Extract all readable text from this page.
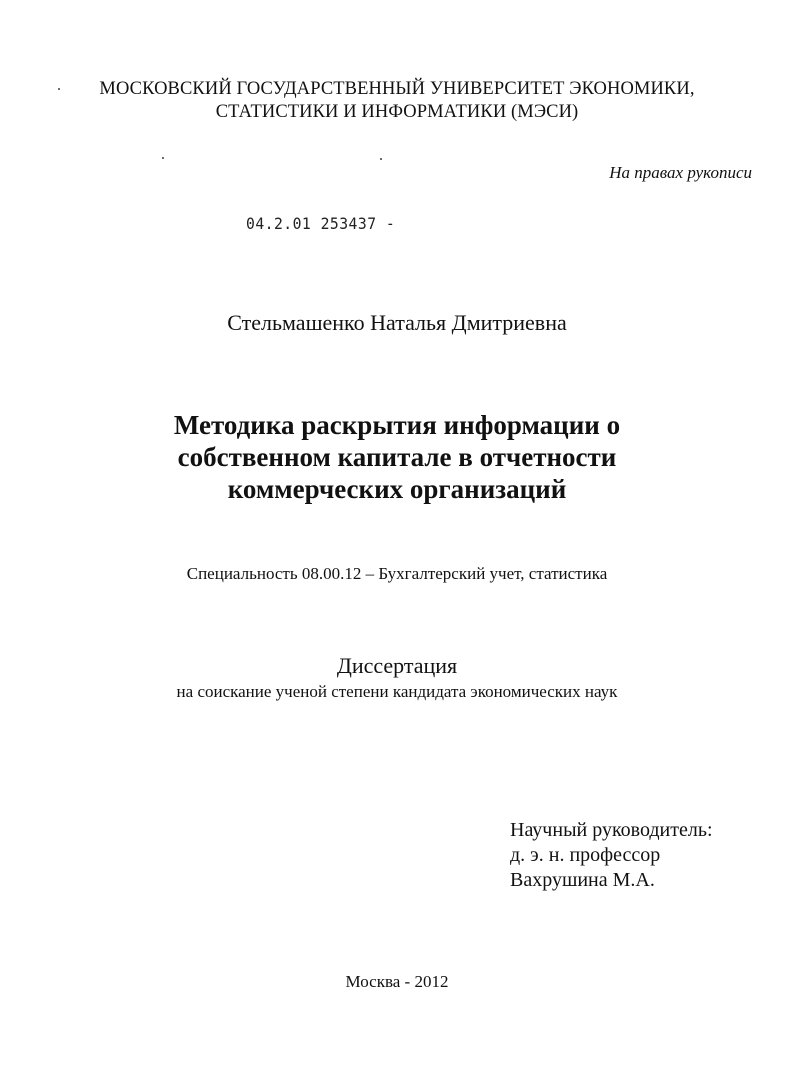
МОСКОВСКИЙ ГОСУДАРСТВЕННЫЙ УНИВЕРСИТЕТ ЭКОНОМИКИ,
СТАТИСТИКИ И ИНФОРМАТИКИ (МЭСИ)
На правах рукописи
04.2.01 253437 -
Стельмашенко Наталья Дмитриевна
Методика раскрытия информации о
собственном капитале в отчетности
коммерческих организаций
Специальность 08.00.12 – Бухгалтерский учет, статистика
Диссертация
на соискание ученой степени кандидата экономических наук
Научный руководитель:
д. э. н. профессор
Вахрушина М.А.
Москва - 2012
